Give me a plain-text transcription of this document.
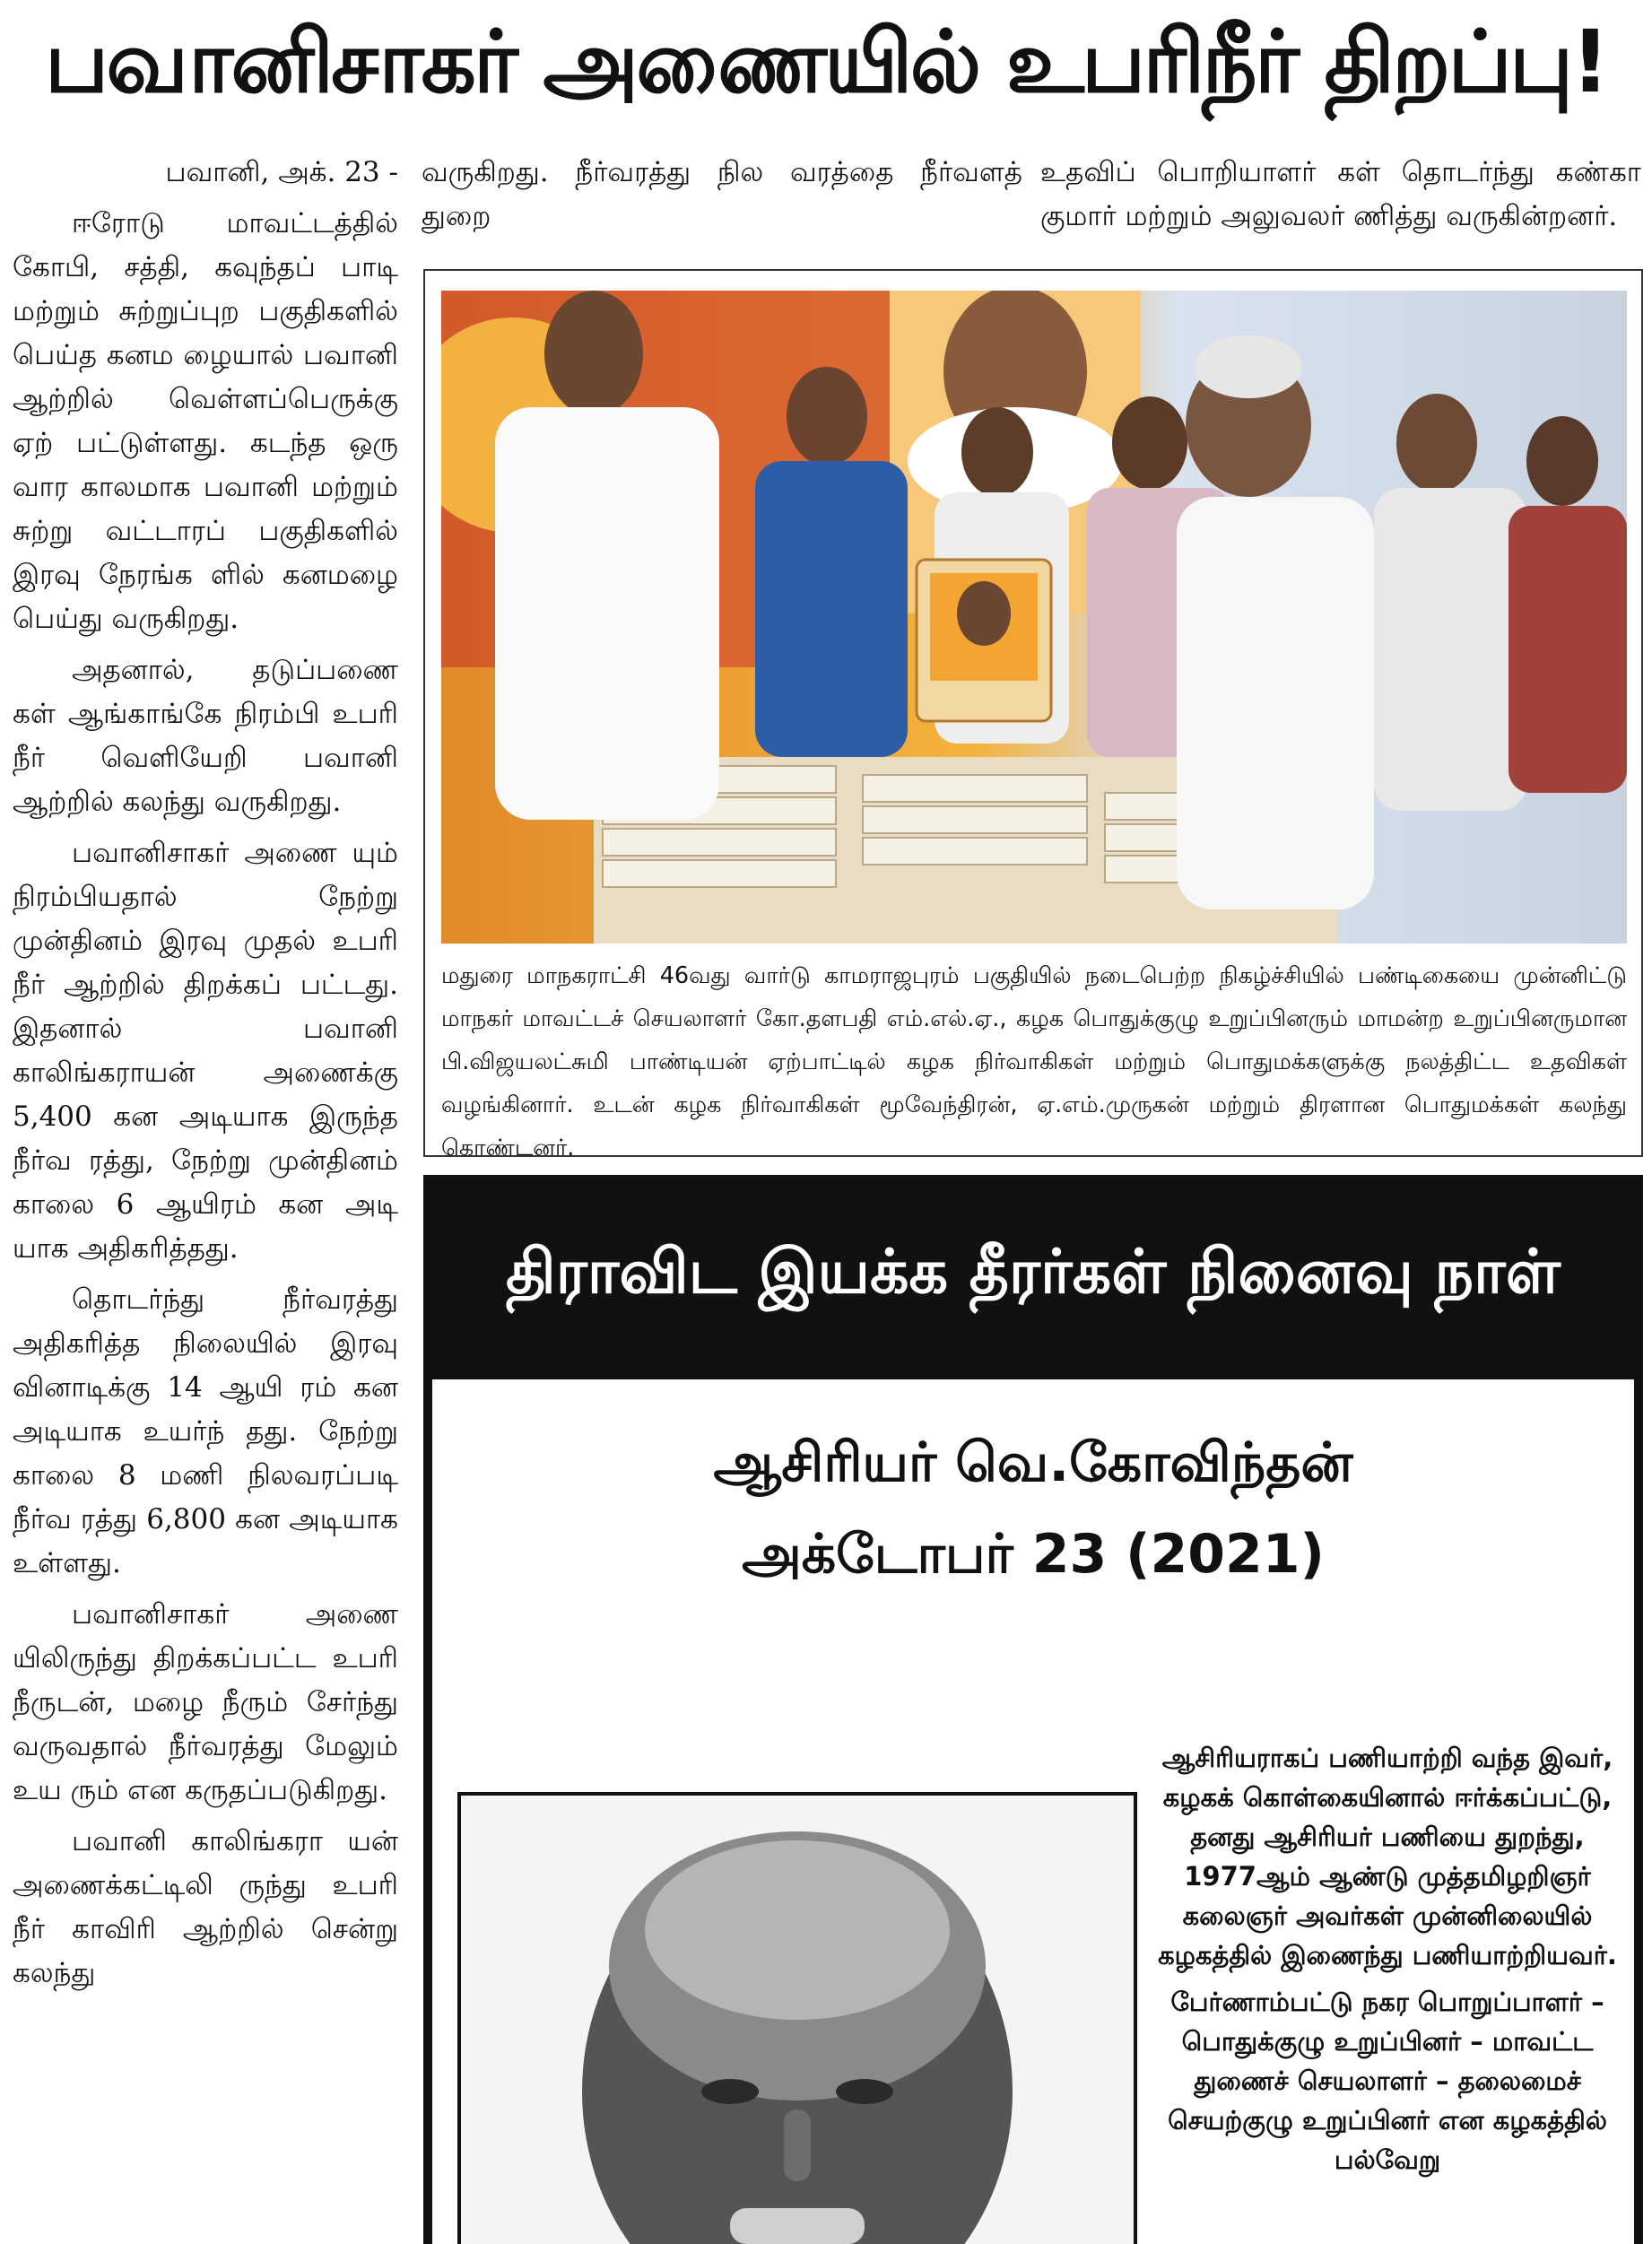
பவானிசாகர் அணையில் உபரிநீர் திறப்பு!

பவானி, அக். 23 -

ஈரோடு மாவட்டத்தில் கோபி, சத்தி, கவுந்தப் பாடி மற்றும் சுற்றுப்புற பகுதிகளில் பெய்த கனம ழையால் பவானி ஆற்றில் வெள்ளப்பெருக்கு ஏற் பட்டுள்ளது. கடந்த ஒரு வார காலமாக பவானி மற்றும் சுற்று வட்டாரப் பகுதிகளில் இரவு நேரங்க ளில் கனமழை பெய்து வருகிறது.

அதனால், தடுப்பணை கள் ஆங்காங்கே நிரம்பி உபரி நீர் வெளியேறி பவானி ஆற்றில் கலந்து வருகிறது.

பவானிசாகர் அணை யும் நிரம்பியதால் நேற்று முன்தினம் இரவு முதல் உபரி நீர் ஆற்றில் திறக்கப் பட்டது. இதனால் பவானி காலிங்கராயன் அணைக்கு 5,400 கன அடியாக இருந்த நீர்வ ரத்து, நேற்று முன்தினம் காலை 6 ஆயிரம் கன அடி யாக அதிகரித்தது.

தொடர்ந்து நீர்வரத்து அதிகரித்த நிலையில் இரவு வினாடிக்கு 14 ஆயி ரம் கன அடியாக உயர்ந் தது. நேற்று காலை 8 மணி நிலவரப்படி நீர்வ ரத்து 6,800 கன அடியாக உள்ளது.

பவானிசாகர் அணை யிலிருந்து திறக்கப்பட்ட உபரி நீருடன், மழை நீரும் சேர்ந்து வருவதால் நீர்வரத்து மேலும் உய ரும் என கருதப்படுகிறது.

பவானி காலிங்கரா யன் அணைக்கட்டிலி ருந்து உபரி நீர் காவிரி ஆற்றில் சென்று கலந்து

வருகிறது. நீர்வரத்து நில வரத்தை நீர்வளத் துறை
உதவிப் பொறியாளர் கள் தொடர்ந்து கண்கா குமார் மற்றும் அலுவலர் ணித்து வருகின்றனர்.
மதுரை மாநகராட்சி 46வது வார்டு காமராஜபுரம் பகுதியில் நடைபெற்ற நிகழ்ச்சியில் பண்டிகையை முன்னிட்டு மாநகர் மாவட்டச் செயலாளர் கோ.தளபதி எம்.எல்.ஏ., கழக பொதுக்குழு உறுப்பினரும் மாமன்ற உறுப்பினருமான பி.விஜயலட்சுமி பாண்டியன் ஏற்பாட்டில் கழக நிர்வாகிகள் மற்றும் பொதுமக்களுக்கு நலத்திட்ட உதவிகள் வழங்கினார். உடன் கழக நிர்வாகிகள் மூவேந்திரன், ஏ.எம்.முருகன் மற்றும் திரளான பொதுமக்கள் கலந்து கொண்டனர்.
திராவிட இயக்க தீரர்கள் நினைவு நாள்
ஆசிரியர் வெ.கோவிந்தன்
அக்டோபர் 23 (2021)

ஆசிரியராகப் பணியாற்றி வந்த இவர், கழகக் கொள்கையினால் ஈர்க்கப்பட்டு, தனது ஆசிரியர் பணியை துறந்து, 1977ஆம் ஆண்டு முத்தமிழறிஞர் கலைஞர் அவர்கள் முன்னிலையில் கழகத்தில் இணைந்து பணியாற்றியவர்.

பேர்ணாம்பட்டு நகர பொறுப்பாளர் – பொதுக்குழு உறுப்பினர் – மாவட்ட துணைச் செயலாளர் – தலைமைச் செயற்குழு உறுப்பினர் என கழகத்தில் பல்வேறு
